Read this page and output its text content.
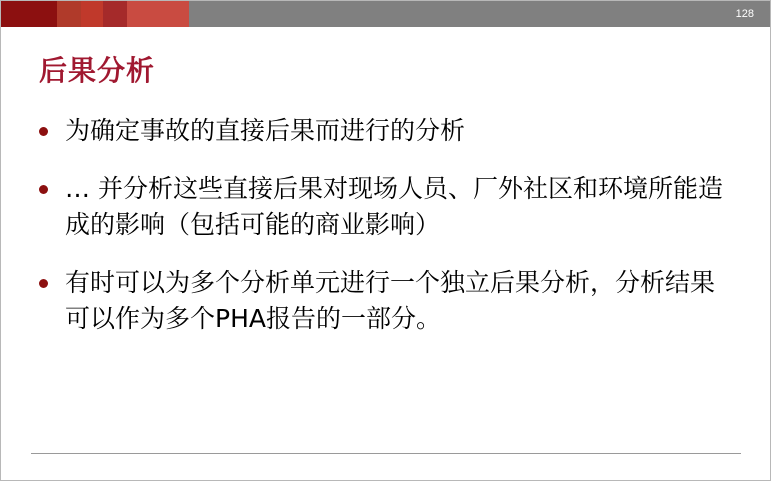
128
后果分析
为确定事故的直接后果而进行的分析
… 并分析这些直接后果对现场人员、厂外社区和环境所能造成的影响（包括可能的商业影响）
有时可以为多个分析单元进行一个独立后果分析，分析结果可以作为多个PHA报告的一部分。
